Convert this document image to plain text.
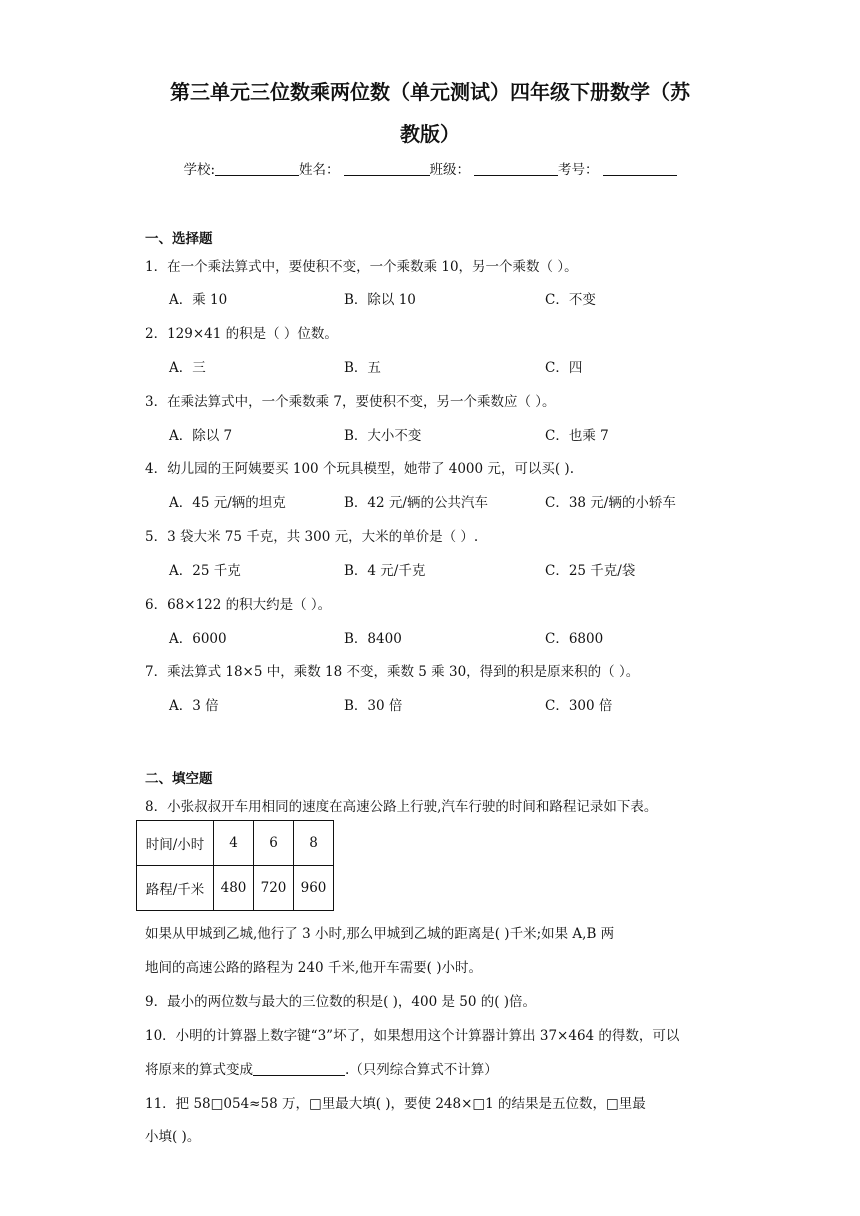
第三单元三位数乘两位数（单元测试）四年级下册数学（苏
教版）
学校:	姓名：	班级：	考号：
一、选择题
1．在一个乘法算式中，要使积不变，一个乘数乘 10，另一个乘数（ ）。
A．乘 10	B．除以 10	C．不变
2．129×41 的积是（ ）位数。
A．三	B．五	C．四
3．在乘法算式中，一个乘数乘 7，要使积不变，另一个乘数应（ ）。
A．除以 7	B．大小不变	C．也乘 7
4．幼儿园的王阿姨要买 100 个玩具模型，她带了 4000 元，可以买( ).
A．45 元/辆的坦克	B．42 元/辆的公共汽车	C．38 元/辆的小轿车
5．3 袋大米 75 千克，共 300 元，大米的单价是（ ）.
A．25 千克	B．4 元/千克	C．25 千克/袋
6．68×122 的积大约是（ ）。
A．6000	B．8400	C．6800
7．乘法算式 18×5 中，乘数 18 不变，乘数 5 乘 30，得到的积是原来积的（ ）。
A．3 倍	B．30 倍	C．300 倍
二、填空题
8．小张叔叔开车用相同的速度在高速公路上行驶,汽车行驶的时间和路程记录如下表。
时间/小时	4	6	8
路程/千米	480	720	960
如果从甲城到乙城,他行了 3 小时,那么甲城到乙城的距离是( )千米;如果 A,B 两
地间的高速公路的路程为 240 千米,他开车需要( )小时。
9．最小的两位数与最大的三位数的积是( )，400 是 50 的( )倍。
10．小明的计算器上数字键“3”坏了，如果想用这个计算器计算出 37×464 的得数，可以
将原来的算式变成	.（只列综合算式不计算）
11．把 58□054≈58 万，□里最大填( )，要使 248×□1 的结果是五位数，□里最
小填( )。
